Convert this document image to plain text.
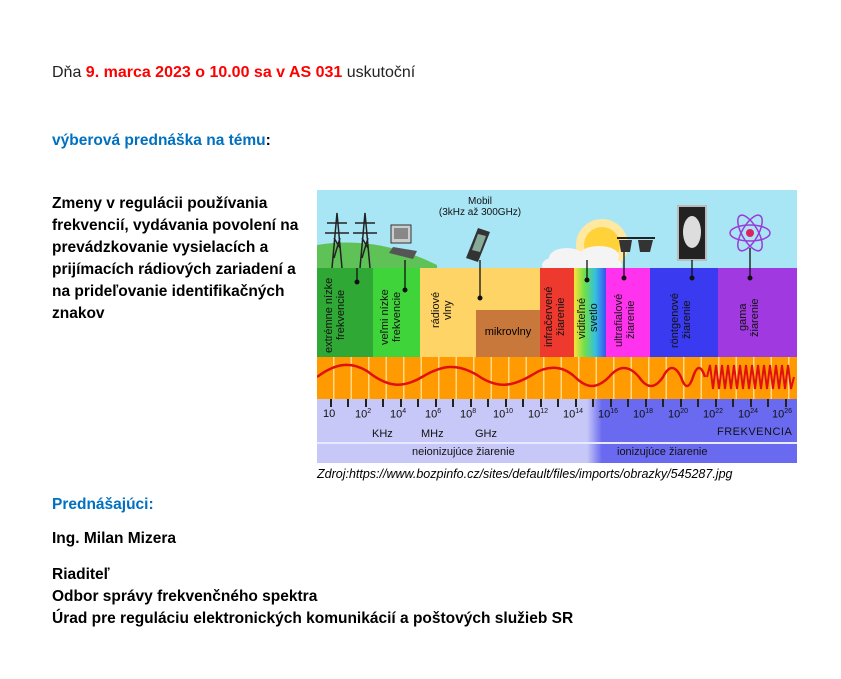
Dňa 9. marca 2023 o 10.00 sa v AS 031 uskutoční
výberová prednáška na tému:
Zmeny v regulácii používania frekvencií, vydávania povolení na prevádzkovanie vysielacích a prijímacích rádiových zariadení a na prideľovanie identifikačných znakov
Mobil
(3kHz až 300GHz)
extrémne nízke frekvencie	veľmi nízke frekvencie	rádiové vlny
mikrovlny	infračervené žiarenie viditeľné svetlo	ultrafialové žiarenie	röntgenové žiarenie	gama žiarenie
10 $10^2$ $10^4$ $10^6$ $10^8$ $10^{10}$ $10^{12}$ $10^{14}$ $10^{16}$ $10^{18}$ $10^{20}$ $10^{22}$ $10^{24}$ $10^{26}$
KHz	MHz	GHz	FREKVENCIA
neionizujúce žiarenie	ionizujúce žiarenie
Zdroj:https://www.bozpinfo.cz/sites/default/files/imports/obrazky/545287.jpg
Prednášajúci:
Ing. Milan Mizera
Riaditeľ
Odbor správy frekvenčného spektra
Úrad pre reguláciu elektronických komunikácií a poštových služieb SR
